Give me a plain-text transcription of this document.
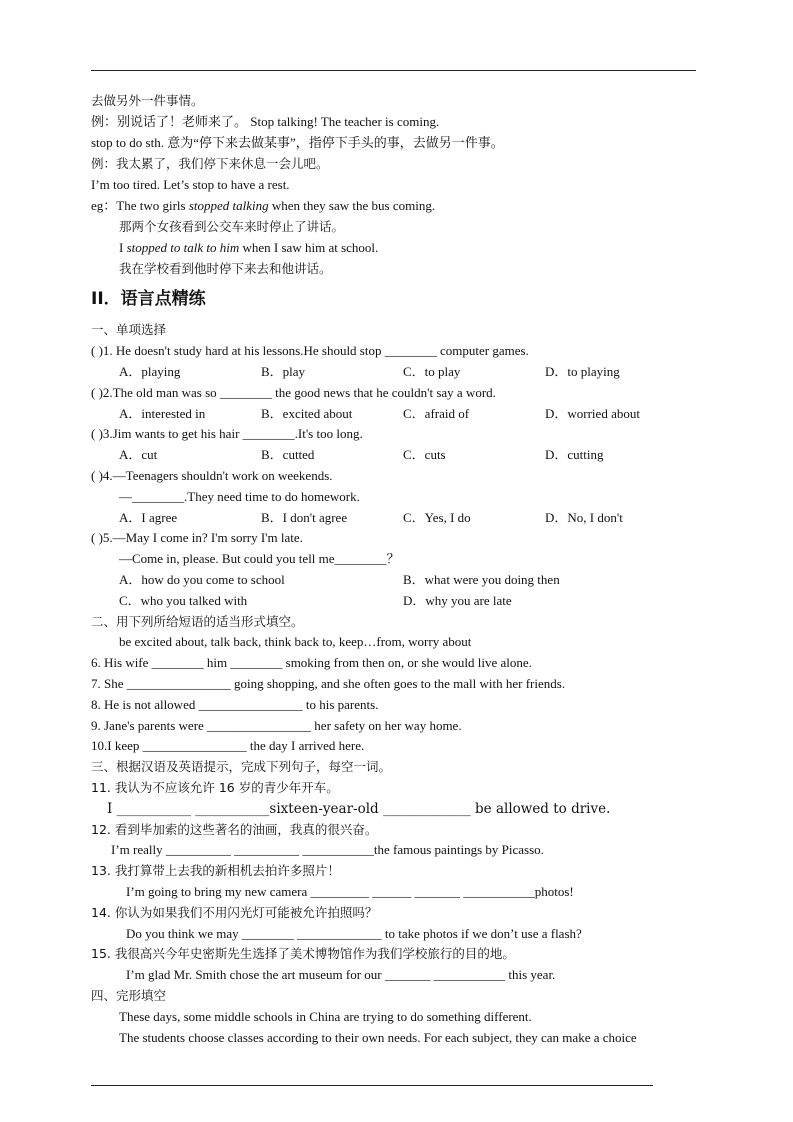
去做另外一件事情。
例：别说话了！老师来了。 Stop talking! The teacher is coming.
stop to do sth. 意为“停下来去做某事”，指停下手头的事，去做另一件事。
例：我太累了，我们停下来休息一会儿吧。
I’m too tired. Let’s stop to have a rest.
eg：The two girls stopped talking when they saw the bus coming.
那两个女孩看到公交车来时停止了讲话。
I stopped to talk to him when I saw him at school.
我在学校看到他时停下来去和他讲话。
II．语言点精练
一、单项选择
( )1. He doesn't study hard at his lessons.He should stop ________ computer games.
A．playing	B．play	C．to play	D．to playing
( )2.The old man was so ________ the good news that he couldn't say a word.
A．interested in	B．excited about	C．afraid of	D．worried about
( )3.Jim wants to get his hair ________.It's too long.
A．cut	B．cutted	C．cuts	D．cutting
( )4.—Teenagers shouldn't work on weekends.
—________.They need time to do homework.
A．I agree	B．I don't agree	C．Yes, I do	D．No, I don't
( )5.—May I come in? I'm sorry I'm late.
—Come in, please. But could you tell me________？
A．how do you come to school	B．what were you doing then
C．who you talked with	D．why you are late
二、用下列所给短语的适当形式填空。
be excited about, talk back, think back to, keep…from, worry about
6. His wife ________ him ________ smoking from then on, or she would live alone.
7. She ________________ going shopping, and she often goes to the mall with her friends.
8. He is not allowed ________________ to his parents.
9. Jane's parents were ________________ her safety on her way home.
10.I keep ________________ the day I arrived here.
三、根据汉语及英语提示，完成下列句子，每空一词。
11. 我认为不应该允许 16 岁的青少年开车。
I ___________ ___________sixteen-year-old _____________ be allowed to drive.
12. 看到毕加索的这些著名的油画，我真的很兴奋。
I’m really __________ __________ ___________the famous paintings by Picasso.
13. 我打算带上去我的新相机去拍许多照片！
I’m going to bring my new camera _________ ______ _______ ___________photos!
14. 你认为如果我们不用闪光灯可能被允许拍照吗？
Do you think we may ________ _____________ to take photos if we don’t use a flash?
15. 我很高兴今年史密斯先生选择了美术博物馆作为我们学校旅行的目的地。
I’m glad Mr. Smith chose the art museum for our _______ ___________ this year.
四、完形填空
These days, some middle schools in China are trying to do something different.
The students choose classes according to their own needs. For each subject, they can make a choice
